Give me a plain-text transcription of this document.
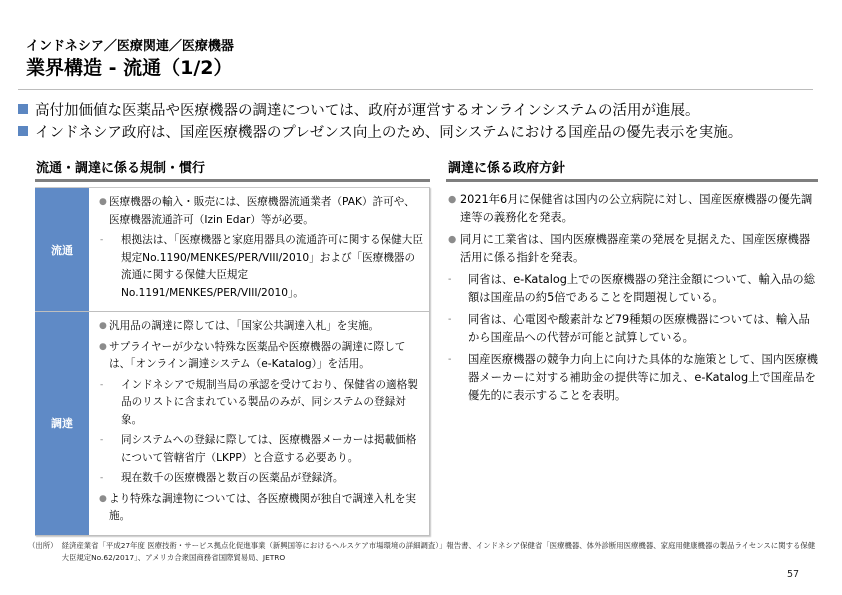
インドネシア／医療関連／医療機器
業界構造 - 流通（1/2）
高付加価値な医薬品や医療機器の調達については、政府が運営するオンラインシステムの活用が進展。
インドネシア政府は、国産医療機器のプレゼンス向上のため、同システムにおける国産品の優先表示を実施。
流通・調達に係る規制・慣行
流通
● 医療機器の輸入・販売には、医療機器流通業者（PAK）許可や、医療機器流通許可（Izin Edar）等が必要。
-	根拠法は、「医療機器と家庭用器具の流通許可に関する保健大臣規定No.1190/MENKES/PER/VIII/2010」および「医療機器の流通に関する保健大臣規定No.1191/MENKES/PER/VIII/2010」。
調達
● 汎用品の調達に際しては、「国家公共調達入札」を実施。
● サプライヤーが少ない特殊な医薬品や医療機器の調達に際しては、「オンライン調達システム（e-Katalog）」を活用。
-	インドネシアで規制当局の承認を受けており、保健省の適格製品のリストに含まれている製品のみが、同システムの登録対象。
-	同システムへの登録に際しては、医療機器メーカーは掲載価格について管轄省庁（LKPP）と合意する必要あり。
-	現在数千の医療機器と数百の医薬品が登録済。
● より特殊な調達物については、各医療機関が独自で調達入札を実施。
調達に係る政府方針
● 2021年6月に保健省は国内の公立病院に対し、国産医療機器の優先調達等の義務化を発表。
● 同月に工業省は、国内医療機器産業の発展を見据えた、国産医療機器活用に係る指針を発表。
-	同省は、e-Katalog上での医療機器の発注金額について、輸入品の総額は国産品の約5倍であることを問題視している。
-	同省は、心電図や酸素計など79種類の医療機器については、輸入品から国産品への代替が可能と試算している。
-	国産医療機器の競争力向上に向けた具体的な施策として、国内医療機器メーカーに対する補助金の提供等に加え、e-Katalog上で国産品を優先的に表示することを表明。
（出所） 経済産業省「平成27年度 医療技術・サービス拠点化促進事業（新興国等におけるヘルスケア市場環境の詳細調査）」報告書、インドネシア保健省「医療機器、体外診断用医療機器、家庭用健康機器の製品ライセンスに関する保健大臣規定No.62/2017」、アメリカ合衆国商務省国際貿易局、JETRO
57
